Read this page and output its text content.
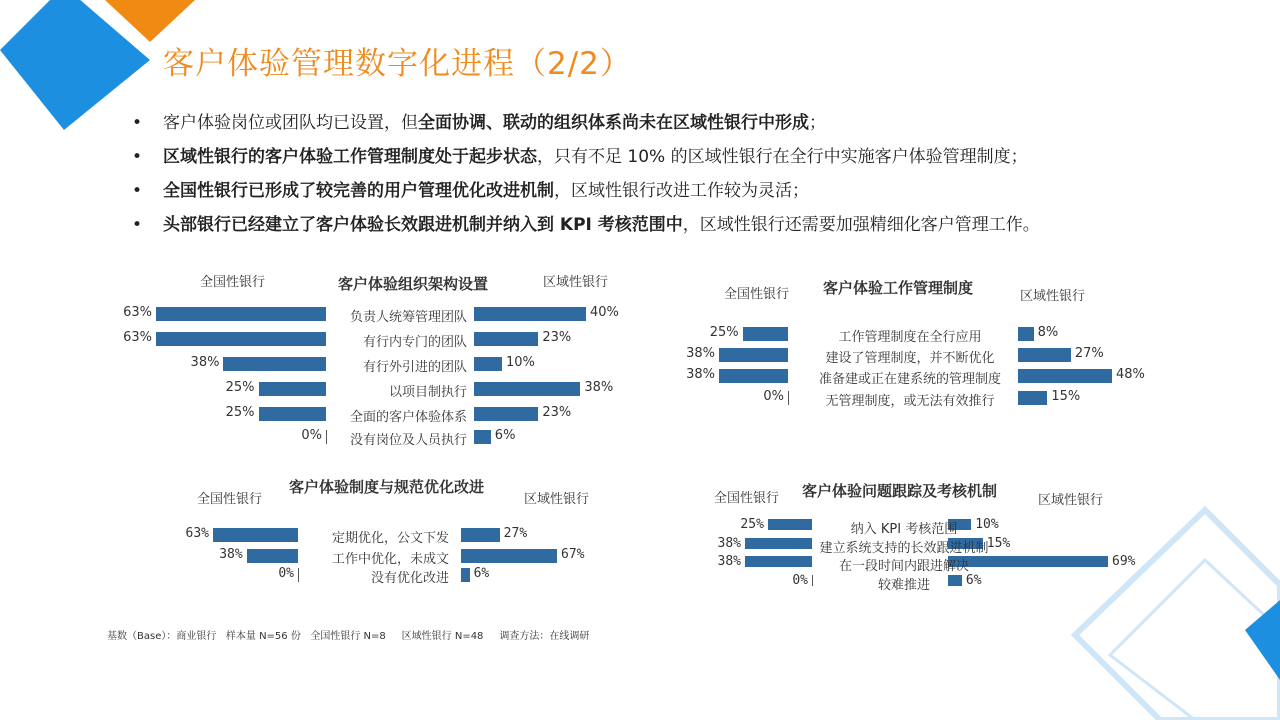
客户体验管理数字化进程（2/2）
• 客户体验岗位或团队均已设置，但全面协调、联动的组织体系尚未在区域性银行中形成；
• 区域性银行的客户体验工作管理制度处于起步状态，只有不足 10% 的区域性银行在全行中实施客户体验管理制度；
• 全国性银行已形成了较完善的用户管理优化改进机制，区域性银行改进工作较为灵活；
• 头部银行已经建立了客户体验长效跟进机制并纳入到 KPI 考核范围中，区域性银行还需要加强精细化客户管理工作。
客户体验组织架构设置
全国性银行	区域性银行
63%	40%
负责人统筹管理团队
63%	23%
有行内专门的团队
38%	10%
有行外引进的团队
25%	38%
以项目制执行
25%	23%
全面的客户体验体系
0%	6%
没有岗位及人员执行
客户体验工作管理制度
全国性银行	区域性银行
25%	8%
工作管理制度在全行应用
38%	27%
建设了管理制度，并不断优化
38%	48%
准备建或正在建系统的管理制度
0%	15%
无管理制度，或无法有效推行
客户体验制度与规范优化改进
全国性银行	区域性银行
63%	27%
定期优化，公文下发
38%	67%
工作中优化，未成文
0%	6%
没有优化改进
客户体验问题跟踪及考核机制
全国性银行	区域性银行
25%	10%
纳入 KPI 考核范围
38%	15%
建立系统支持的长效跟进机制
38%	69%
在一段时间内跟进解决
0%	6%
较难推进
基数（Base）：商业银行   样本量 N=56 份   全国性银行 N=8     区域性银行 N=48     调查方法：在线调研
